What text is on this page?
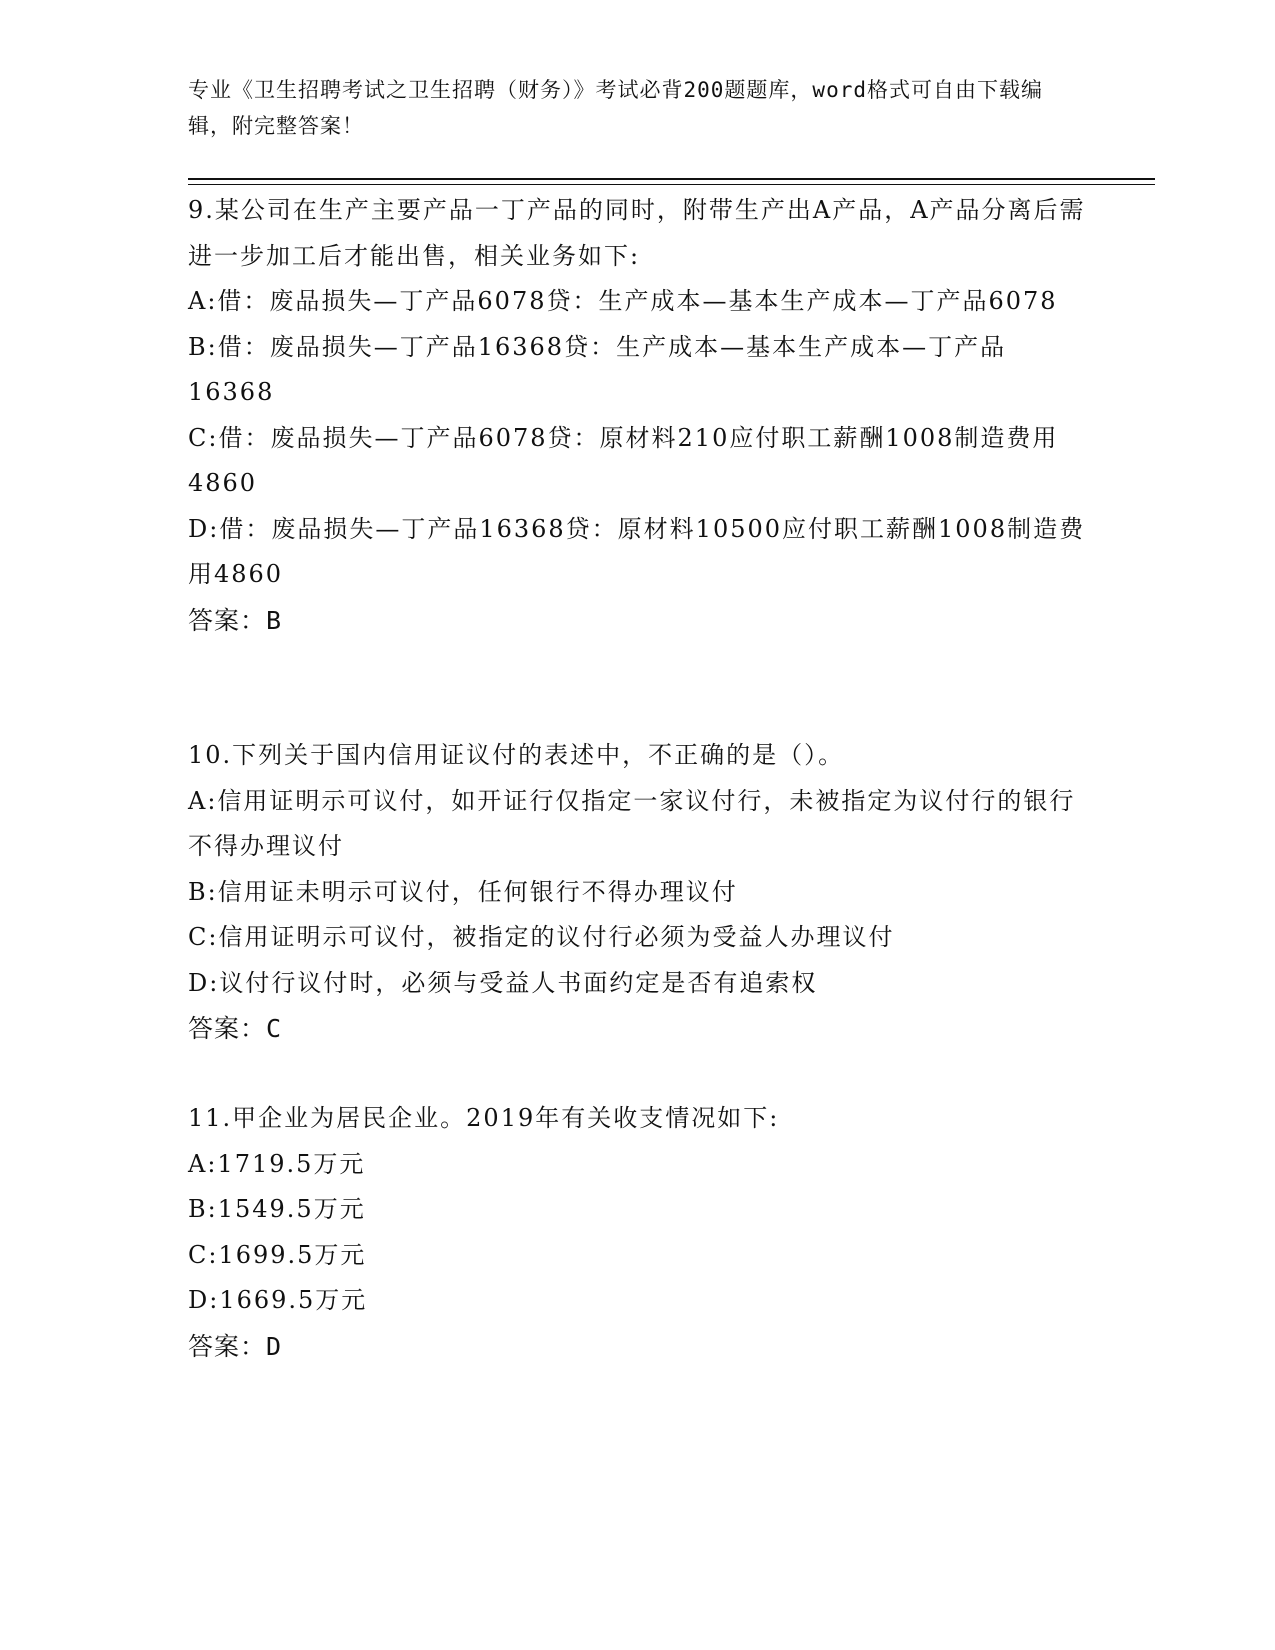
专业《卫生招聘考试之卫生招聘（财务）》考试必背200题题库，word格式可自由下载编辑，附完整答案！

9.某公司在生产主要产品一丁产品的同时，附带生产出A产品，A产品分离后需进一步加工后才能出售，相关业务如下:

A:借：废品损失—丁产品6078贷：生产成本—基本生产成本—丁产品6078

B:借：废品损失—丁产品16368贷：生产成本—基本生产成本—丁产品16368

C:借：废品损失—丁产品6078贷：原材料210应付职工薪酬1008制造费用4860

D:借：废品损失—丁产品16368贷：原材料10500应付职工薪酬1008制造费用4860

答案：B

10.下列关于国内信用证议付的表述中，不正确的是（）。

A:信用证明示可议付，如开证行仅指定一家议付行，未被指定为议付行的银行不得办理议付

B:信用证未明示可议付，任何银行不得办理议付

C:信用证明示可议付，被指定的议付行必须为受益人办理议付

D:议付行议付时，必须与受益人书面约定是否有追索权

答案：C

11.甲企业为居民企业。2019年有关收支情况如下:

A:1719.5万元

B:1549.5万元

C:1699.5万元

D:1669.5万元

答案：D
